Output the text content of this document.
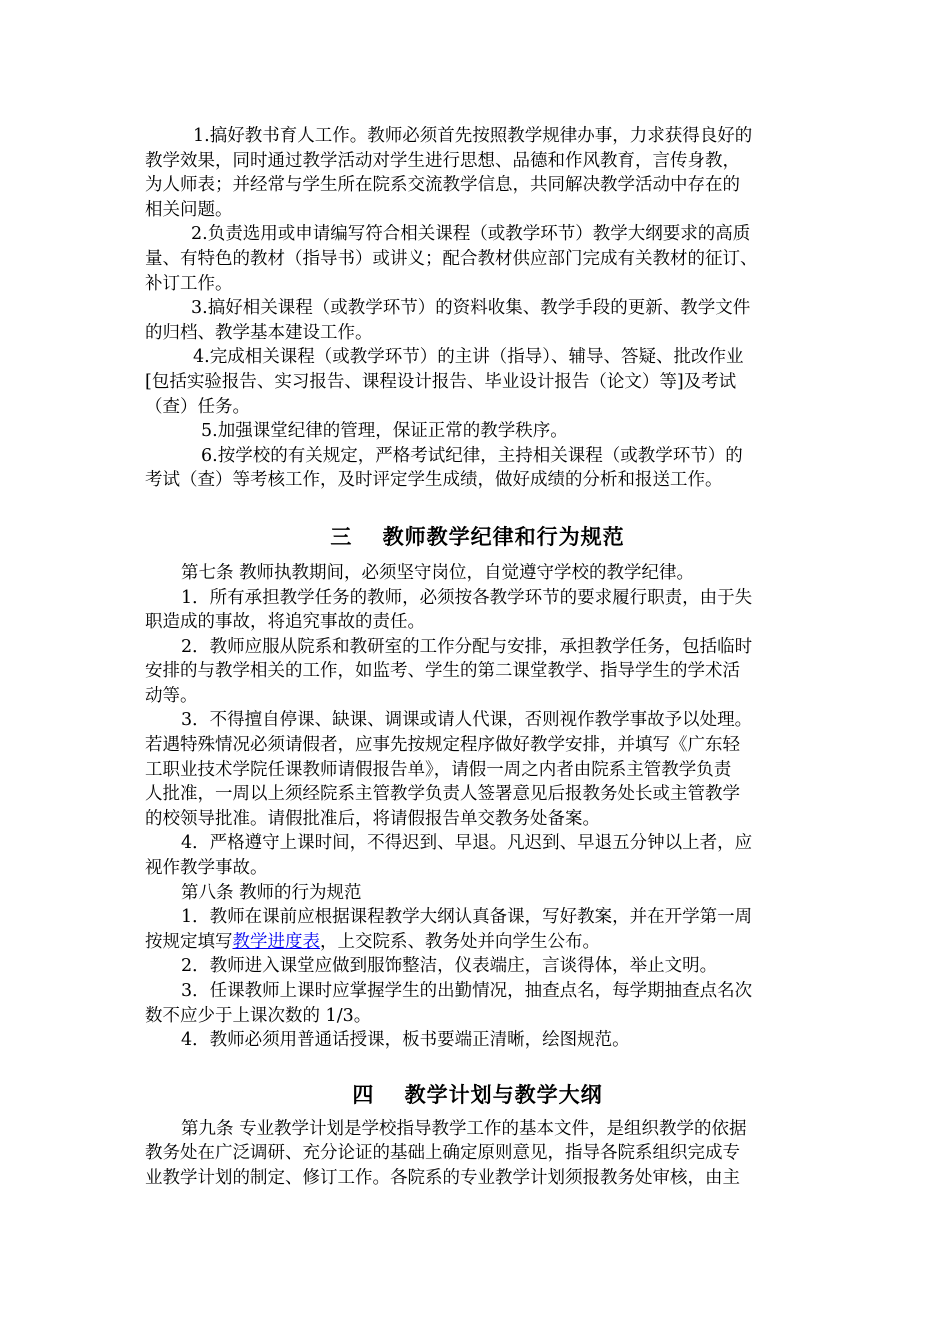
1.搞好教书育人工作。教师必须首先按照教学规律办事，力求获得良好的

教学效果，同时通过教学活动对学生进行思想、品德和作风教育，言传身教，

为人师表；并经常与学生所在院系交流教学信息，共同解决教学活动中存在的

相关问题。

2.负责选用或申请编写符合相关课程（或教学环节）教学大纲要求的高质

量、有特色的教材（指导书）或讲义；配合教材供应部门完成有关教材的征订、

补订工作。

3.搞好相关课程（或教学环节）的资料收集、教学手段的更新、教学文件

的归档、教学基本建设工作。

4.完成相关课程（或教学环节）的主讲（指导）、辅导、答疑、批改作业

[包括实验报告、实习报告、课程设计报告、毕业设计报告（论文）等]及考试

（查）任务。

5.加强课堂纪律的管理，保证正常的教学秩序。

6.按学校的有关规定，严格考试纪律，主持相关课程（或教学环节）的

考试（查）等考核工作，及时评定学生成绩，做好成绩的分析和报送工作。

三　 教师教学纪律和行为规范

第七条 教师执教期间，必须坚守岗位，自觉遵守学校的教学纪律。

1．所有承担教学任务的教师，必须按各教学环节的要求履行职责，由于失

职造成的事故，将追究事故的责任。

2．教师应服从院系和教研室的工作分配与安排，承担教学任务，包括临时

安排的与教学相关的工作，如监考、学生的第二课堂教学、指导学生的学术活

动等。

3．不得擅自停课、缺课、调课或请人代课，否则视作教学事故予以处理。

若遇特殊情况必须请假者，应事先按规定程序做好教学安排，并填写《广东轻

工职业技术学院任课教师请假报告单》，请假一周之内者由院系主管教学负责

人批准，一周以上须经院系主管教学负责人签署意见后报教务处长或主管教学

的校领导批准。请假批准后，将请假报告单交教务处备案。

4．严格遵守上课时间，不得迟到、早退。凡迟到、早退五分钟以上者，应

视作教学事故。

第八条 教师的行为规范

1．教师在课前应根据课程教学大纲认真备课，写好教案，并在开学第一周

按规定填写教学进度表，上交院系、教务处并向学生公布。

2．教师进入课堂应做到服饰整洁，仪表端庄，言谈得体，举止文明。

3．任课教师上课时应掌握学生的出勤情况，抽查点名，每学期抽查点名次

数不应少于上课次数的 1/3。

4．教师必须用普通话授课，板书要端正清晰，绘图规范。

四　 教学计划与教学大纲

第九条 专业教学计划是学校指导教学工作的基本文件，是组织教学的依据

教务处在广泛调研、充分论证的基础上确定原则意见，指导各院系组织完成专

业教学计划的制定、修订工作。各院系的专业教学计划须报教务处审核，由主
